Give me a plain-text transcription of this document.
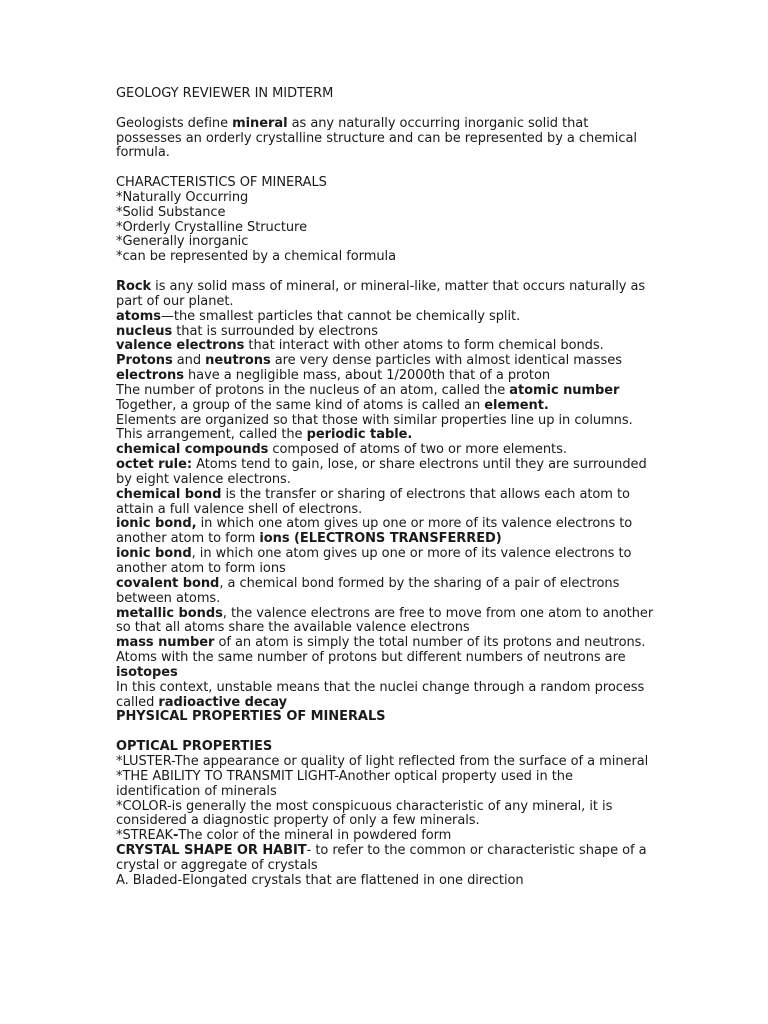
GEOLOGY REVIEWER IN MIDTERM

Geologists define mineral as any naturally occurring inorganic solid that possesses an orderly crystalline structure and can be represented by a chemical formula.

CHARACTERISTICS OF MINERALS

*Naturally Occurring

*Solid Substance

*Orderly Crystalline Structure

*Generally inorganic

*can be represented by a chemical formula

Rock is any solid mass of mineral, or mineral-like, matter that occurs naturally as part of our planet.

atoms—the smallest particles that cannot be chemically split.

nucleus that is surrounded by electrons

valence electrons that interact with other atoms to form chemical bonds.

Protons and neutrons are very dense particles with almost identical masses

electrons have a negligible mass, about 1/2000th that of a proton

The number of protons in the nucleus of an atom, called the atomic number

Together, a group of the same kind of atoms is called an element.

Elements are organized so that those with similar properties line up in columns. This arrangement, called the periodic table.

chemical compounds composed of atoms of two or more elements.

octet rule: Atoms tend to gain, lose, or share electrons until they are surrounded by eight valence electrons.

chemical bond is the transfer or sharing of electrons that allows each atom to attain a full valence shell of electrons.

ionic bond, in which one atom gives up one or more of its valence electrons to another atom to form ions (ELECTRONS TRANSFERRED)

ionic bond, in which one atom gives up one or more of its valence electrons to another atom to form ions

covalent bond, a chemical bond formed by the sharing of a pair of electrons between atoms.

metallic bonds, the valence electrons are free to move from one atom to another so that all atoms share the available valence electrons

mass number of an atom is simply the total number of its protons and neutrons.

Atoms with the same number of protons but different numbers of neutrons are isotopes

In this context, unstable means that the nuclei change through a random process called radioactive decay

PHYSICAL PROPERTIES OF MINERALS

OPTICAL PROPERTIES

*LUSTER-The appearance or quality of light reflected from the surface of a mineral

*THE ABILITY TO TRANSMIT LIGHT-Another optical property used in the identification of minerals

*COLOR-is generally the most conspicuous characteristic of any mineral, it is considered a diagnostic property of only a few minerals.

*STREAK-The color of the mineral in powdered form

CRYSTAL SHAPE OR HABIT- to refer to the common or characteristic shape of a crystal or aggregate of crystals

A. Bladed-Elongated crystals that are flattened in one direction
